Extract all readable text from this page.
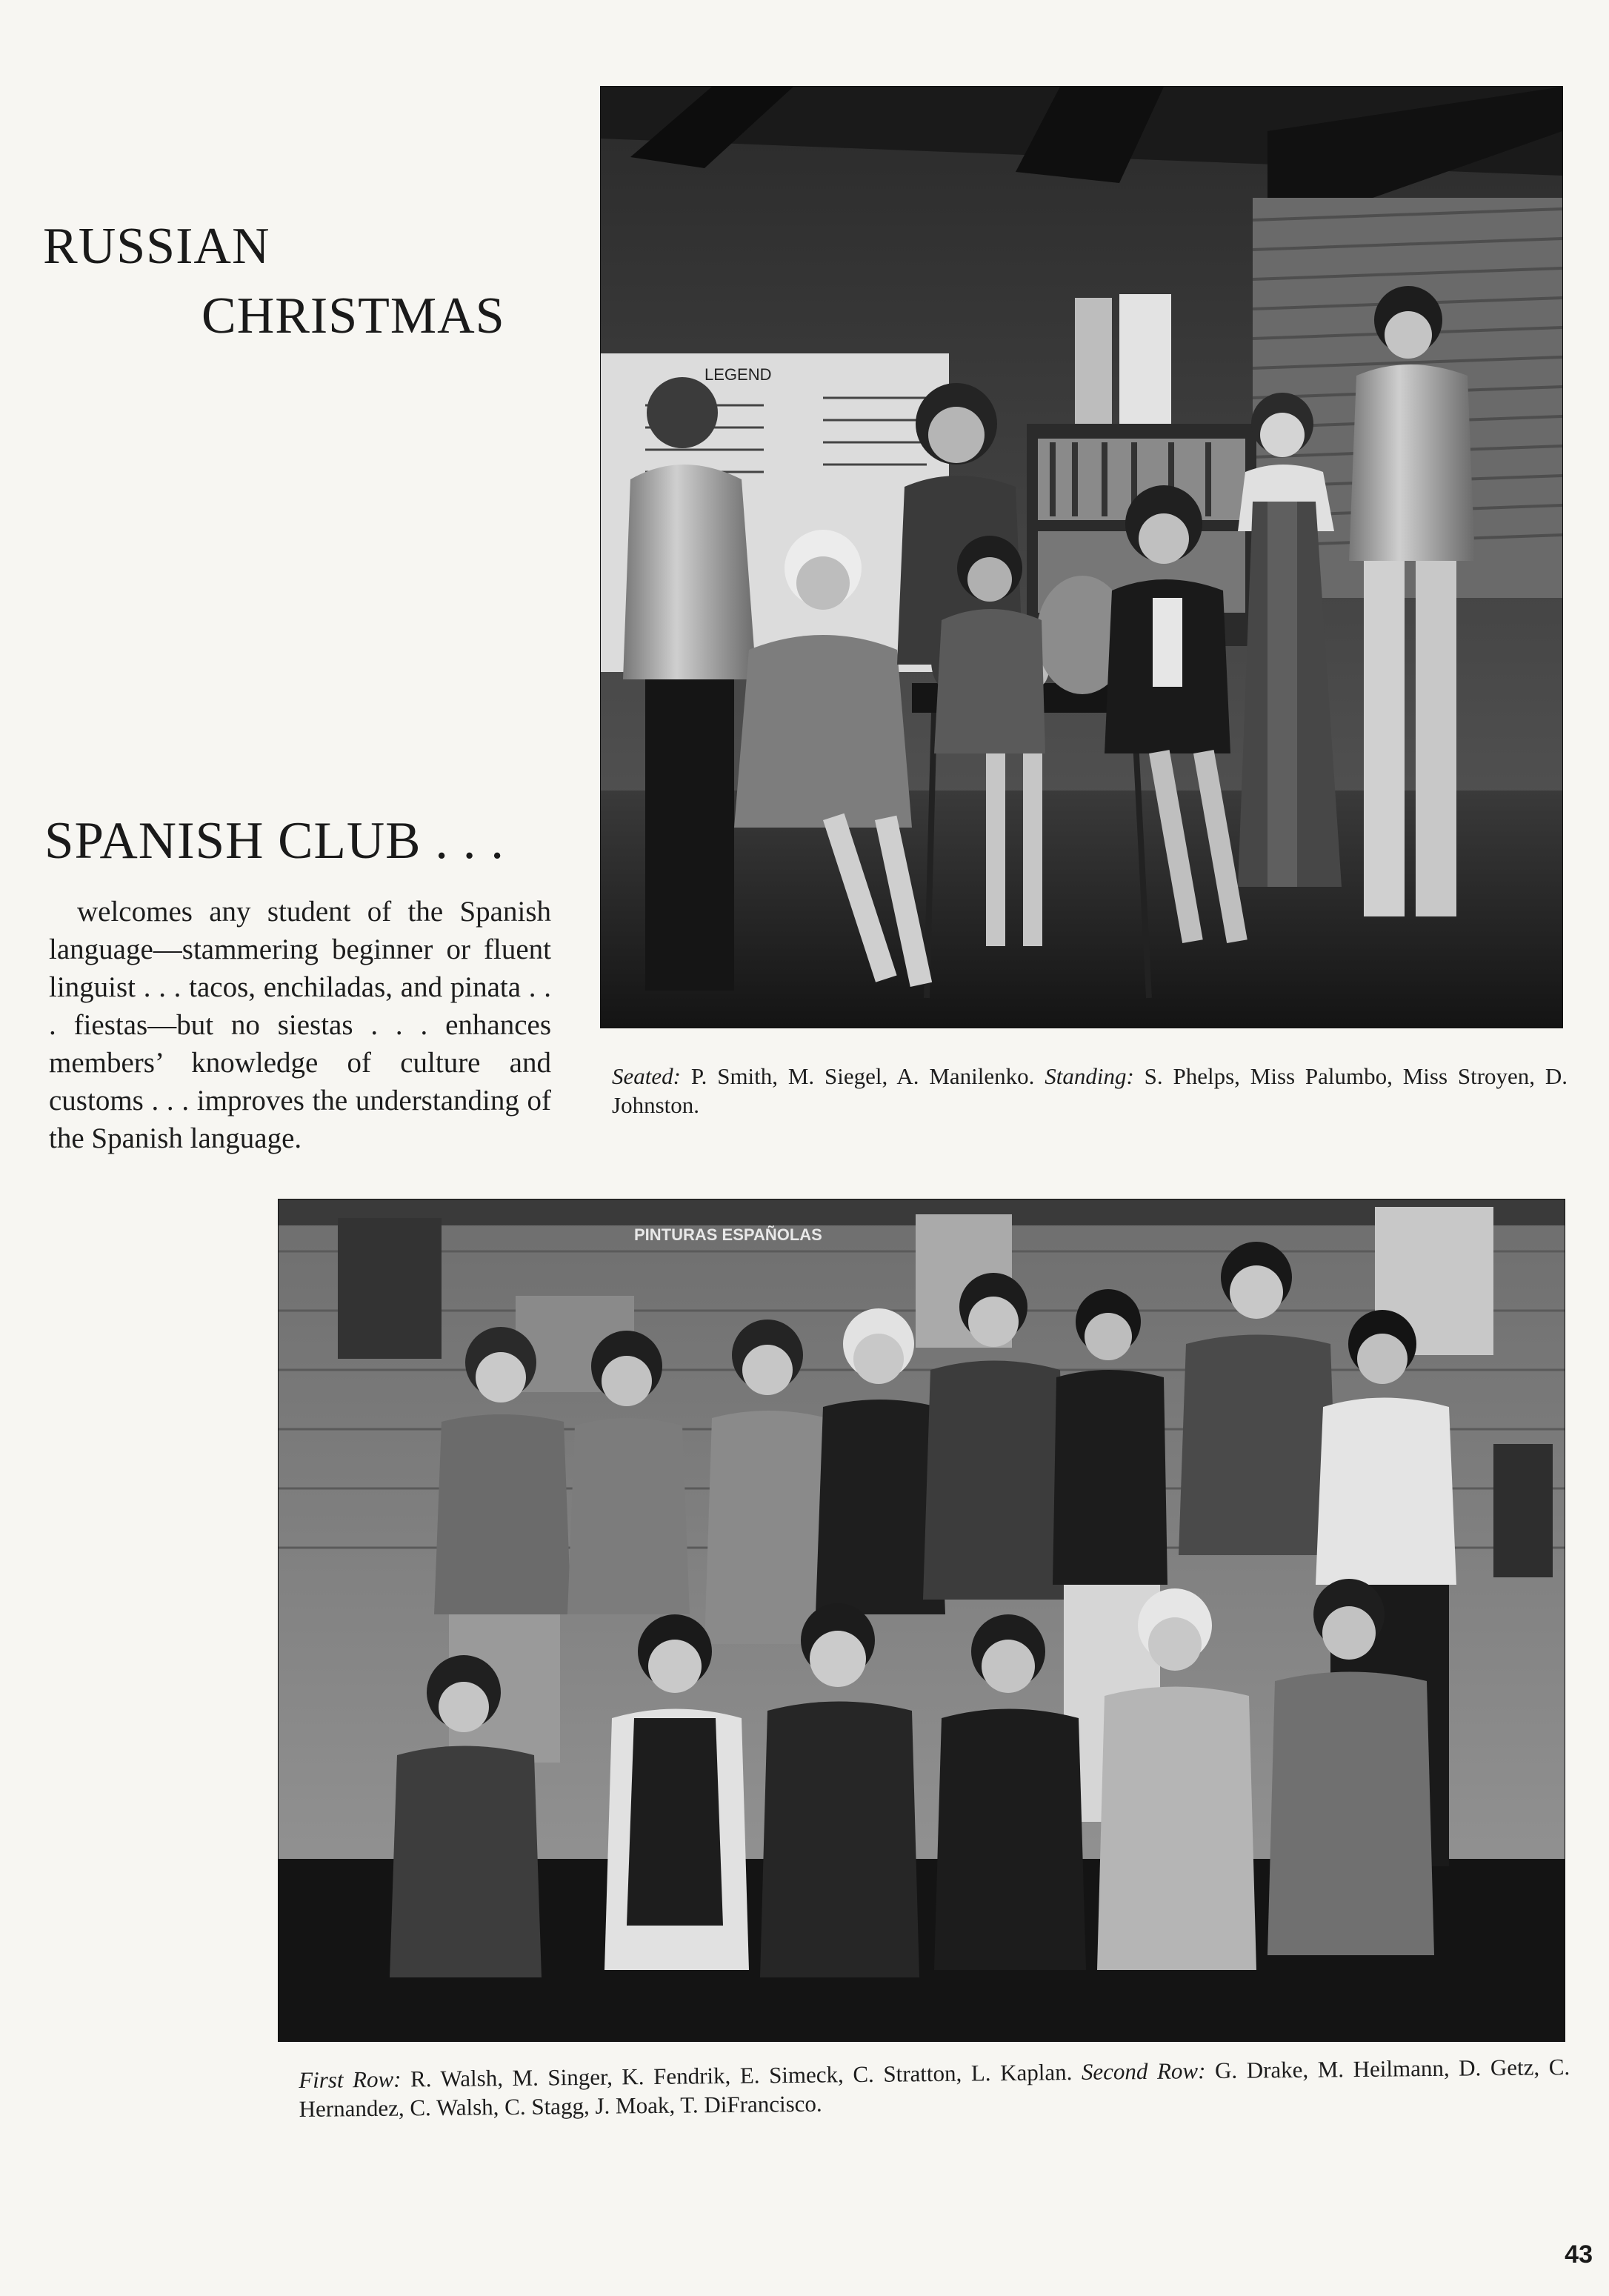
RUSSIAN
CHRISTMAS
LEGEND
SPANISH CLUB . . .

welcomes any student of the Spanish language—stammering beginner or fluent linguist . . . tacos, enchiladas, and pinata . . . fiestas—but no siestas . . . enhances members’ knowledge of culture and customs . . . improves the understanding of the Spanish language.

Seated: P. Smith, M. Siegel, A. Manilenko. Standing: S. Phelps, Miss Palumbo, Miss Stroyen, D. Johnston.

PINTURAS ESPAÑOLAS

First Row: R. Walsh, M. Singer, K. Fendrik, E. Simeck, C. Stratton, L. Kaplan. Second Row: G. Drake, M. Heilmann, D. Getz, C. Hernandez, C. Walsh, C. Stagg, J. Moak, T. DiFrancisco.

43
